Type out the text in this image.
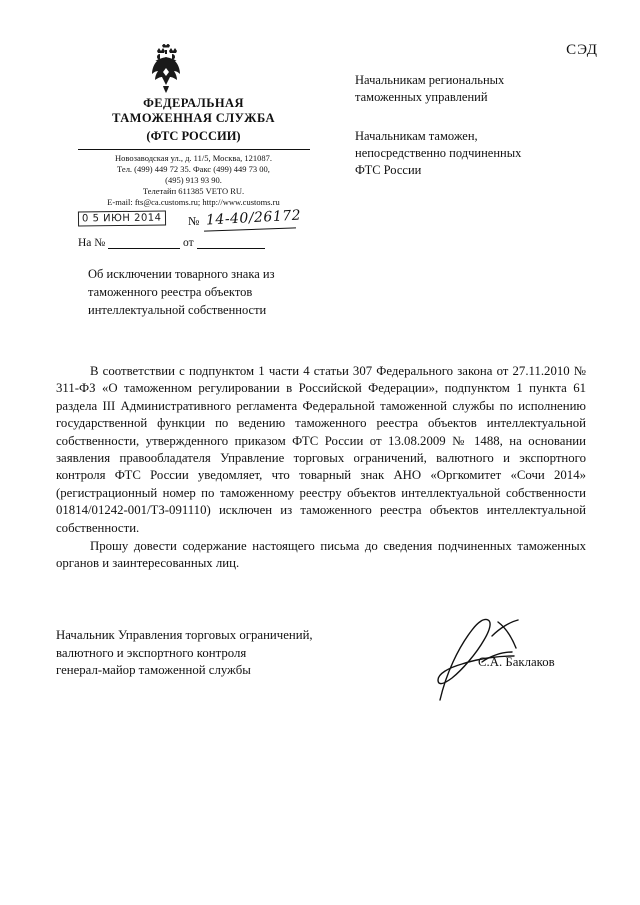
СЭД
ФЕДЕРАЛЬНАЯ
ТАМОЖЕННАЯ СЛУЖБА
(ФТС РОССИИ)
Новозаводская ул., д. 11/5, Москва, 121087.
Тел. (499) 449 72 35. Факс (499) 449 73 00,
(495) 913 93 90.
Телетайп 611385 VETO RU.
E-mail: fts@ca.customs.ru; http://www.customs.ru
0 5 ИЮН 2014	№ 14-40/26172
На №	от
Об исключении товарного знака из таможенного реестра объектов интеллектуальной собственности
Начальникам региональных
таможенных управлений
Начальникам таможен,
непосредственно подчиненных
ФТС России

В соответствии с подпунктом 1 части 4 статьи 307 Федерального закона от 27.11.2010 № 311-ФЗ «О таможенном регулировании в Российской Федерации», подпунктом 1 пункта 61 раздела III Административного регламента Федеральной таможенной службы по исполнению государственной функции по ведению таможенного реестра объектов интеллектуальной собственности, утвержденного приказом ФТС России от 13.08.2009 № 1488, на основании заявления правообладателя Управление торговых ограничений, валютного и экспортного контроля ФТС России уведомляет, что товарный знак АНО «Оргкомитет «Сочи 2014» (регистрационный номер по таможенному реестру объектов интеллектуальной собственности 01814/01242-001/ТЗ-091110) исключен из таможенного реестра объектов интеллектуальной собственности.

Прошу довести содержание настоящего письма до сведения подчиненных таможенных органов и заинтересованных лиц.

Начальник Управления торговых ограничений,
валютного и экспортного контроля
генерал-майор таможенной службы
С.А. Баклаков
